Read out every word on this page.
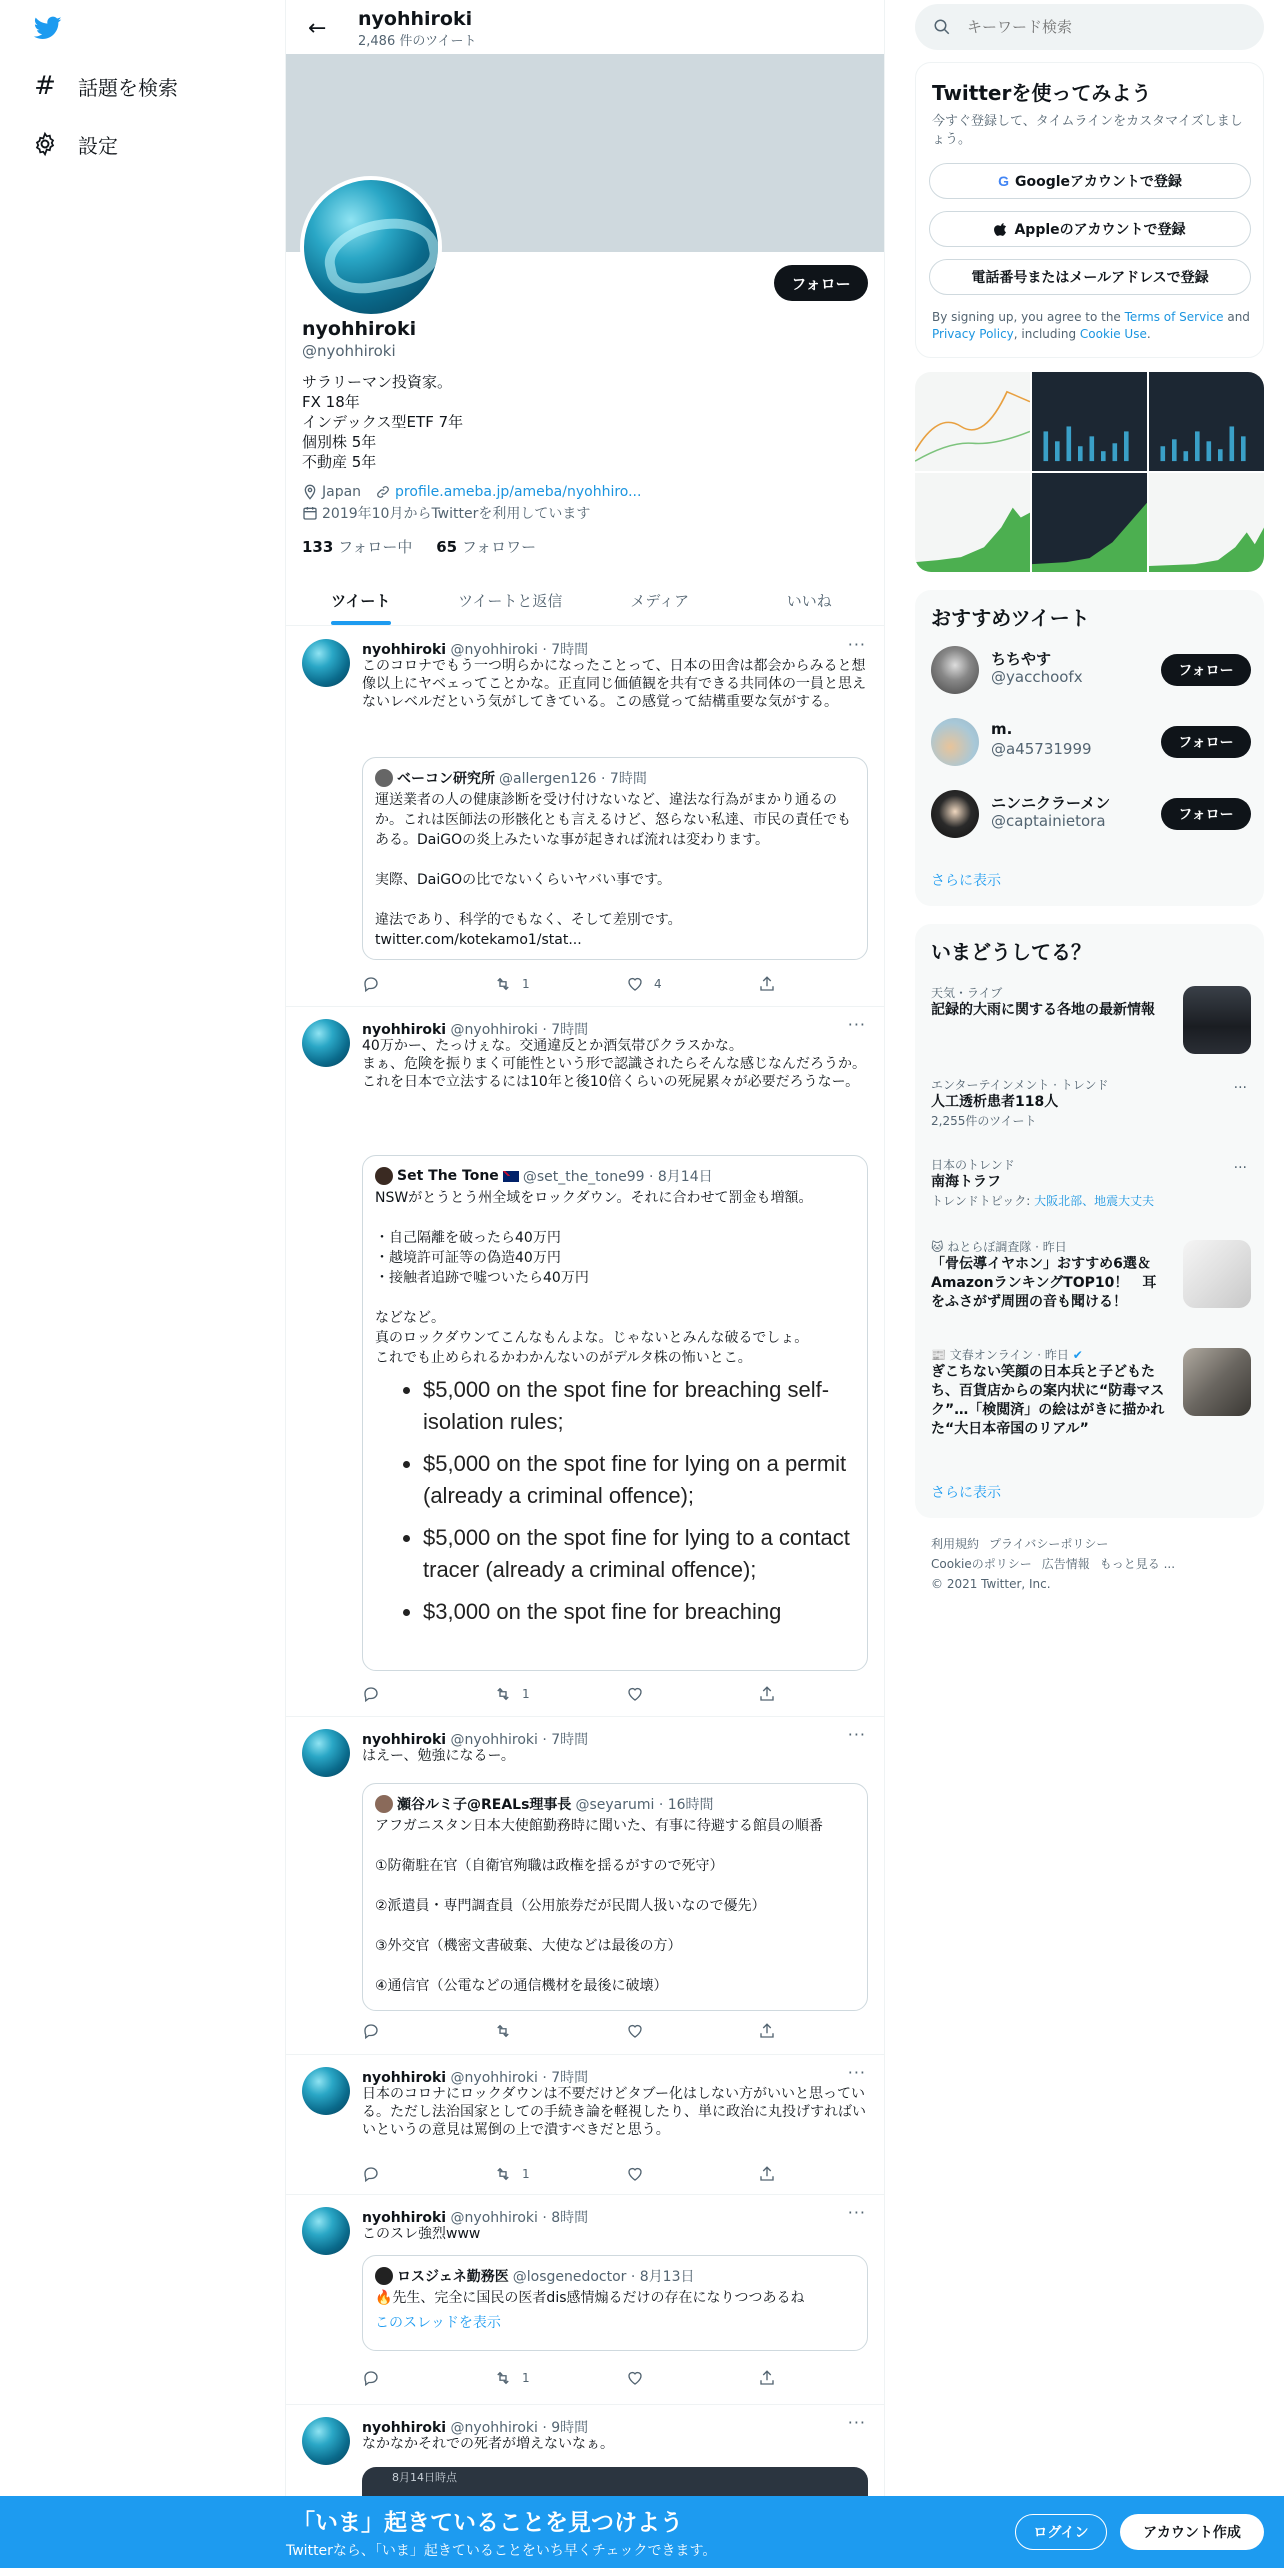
# 話題を検索
設定
← nyohhiroki
2,486 件のツイート
フォロー
nyohhiroki
@nyohhiroki
サラリーマン投資家。
FX 18年
インデックス型ETF 7年
個別株 5年
不動産 5年
Japan profile.ameba.jp/ameba/nyohhiro...
2019年10月からTwitterを利用しています
133 フォロー中 65 フォロワー
ツイート	ツイートと返信	メディア	いいね
nyohhiroki @nyohhiroki · 7時間	···
このコロナでもう一つ明らかになったことって、日本の田舎は都会からみると想像以上にヤベェってことかな。正直同じ価値観を共有できる共同体の一員と思えないレベルだという気がしてきている。この感覚って結構重要な気がする。
ベーコン研究所 @allergen126 · 7時間
運送業者の人の健康診断を受け付けないなど、違法な行為がまかり通るのか。これは医師法の形骸化とも言えるけど、怒らない私達、市民の責任でもある。DaiGOの炎上みたいな事が起きれば流れは変わります。

実際、DaiGOの比でないくらいヤバい事です。

違法であり、科学的でもなく、そして差別です。
twitter.com/kotekamo1/stat...
1	4
nyohhiroki @nyohhiroki · 7時間	···
40万かー、たっけぇな。交通違反とか酒気帯びクラスかな。
まぁ、危険を振りまく可能性という形で認識されたらそんな感じなんだろうか。
これを日本で立法するには10年と後10倍くらいの死屍累々が必要だろうなー。
Set The Tone @set_the_tone99 · 8月14日
NSWがとうとう州全域をロックダウン。それに合わせて罰金も増額。

・自己隔離を破ったら40万円
・越境許可証等の偽造40万円
・接触者追跡で嘘ついたら40万円

などなど。
真のロックダウンてこんなもんよな。じゃないとみんな破るでしょ。
これでも止められるかわかんないのがデルタ株の怖いとこ。
• $5,000 on the spot fine for breaching self-isolation rules;
• $5,000 on the spot fine for lying on a permit (already a criminal offence);
• $5,000 on the spot fine for lying to a contact tracer (already a criminal offence);
• $3,000 on the spot fine for breaching
1
nyohhiroki @nyohhiroki · 7時間	···
はえー、勉強になるー。
瀬谷ルミ子@REALs理事長 @seyarumi · 16時間
アフガニスタン日本大使館勤務時に聞いた、有事に待避する館員の順番

①防衛駐在官（自衛官殉職は政権を揺るがすので死守）

②派遣員・専門調査員（公用旅券だが民間人扱いなので優先）

③外交官（機密文書破棄、大使などは最後の方）

④通信官（公電などの通信機材を最後に破壊）
nyohhiroki @nyohhiroki · 7時間	···
日本のコロナにロックダウンは不要だけどタブー化はしない方がいいと思っている。ただし法治国家としての手続き論を軽視したり、単に政治に丸投げすればいいというの意見は罵倒の上で潰すべきだと思う。
1
nyohhiroki @nyohhiroki · 8時間	···
このスレ強烈www
ロスジェネ勤務医 @losgenedoctor · 8月13日
🔥先生、完全に国民の医者dis感情煽るだけの存在になりつつあるね
このスレッドを表示
1
nyohhiroki @nyohhiroki · 9時間	···
なかなかそれでの死者が増えないなぁ。
8月14日時点
キーワード検索
Twitterを使ってみよう
今すぐ登録して、タイムラインをカスタマイズしましょう。
G Googleアカウントで登録
Appleのアカウントで登録
電話番号またはメールアドレスで登録
By signing up, you agree to the Terms of Service and Privacy Policy, including Cookie Use.
おすすめツイート
ちちやす
@yacchoofx	フォロー
m.
@a45731999	フォロー
ニンニクラーメン
@captainietora	フォロー
さらに表示
いまどうしてる？
天気・ライブ
記録的大雨に関する各地の最新情報
エンターテインメント · トレンド
人工透析患者118人
2,255件のツイート
···
日本のトレンド
南海トラフ
トレンドトピック: 大阪北部、地震大丈夫
···
🐱 ねとらぼ調査隊 · 昨日
「骨伝導イヤホン」おすすめ6選＆AmazonランキングTOP10！　耳をふさがず周囲の音も聞ける！
📰 文春オンライン · 昨日 ✔
ぎこちない笑顔の日本兵と子どもたち、百貨店からの案内状に“防毒マスク”…「検閲済」の絵はがきに描かれた“大日本帝国のリアル”
さらに表示
利用規約 プライバシーポリシー
Cookieのポリシー 広告情報 もっと見る ...
© 2021 Twitter, Inc.
「いま」起きていることを見つけよう
Twitterなら、「いま」起きていることをいち早くチェックできます。
ログイン	アカウント作成
